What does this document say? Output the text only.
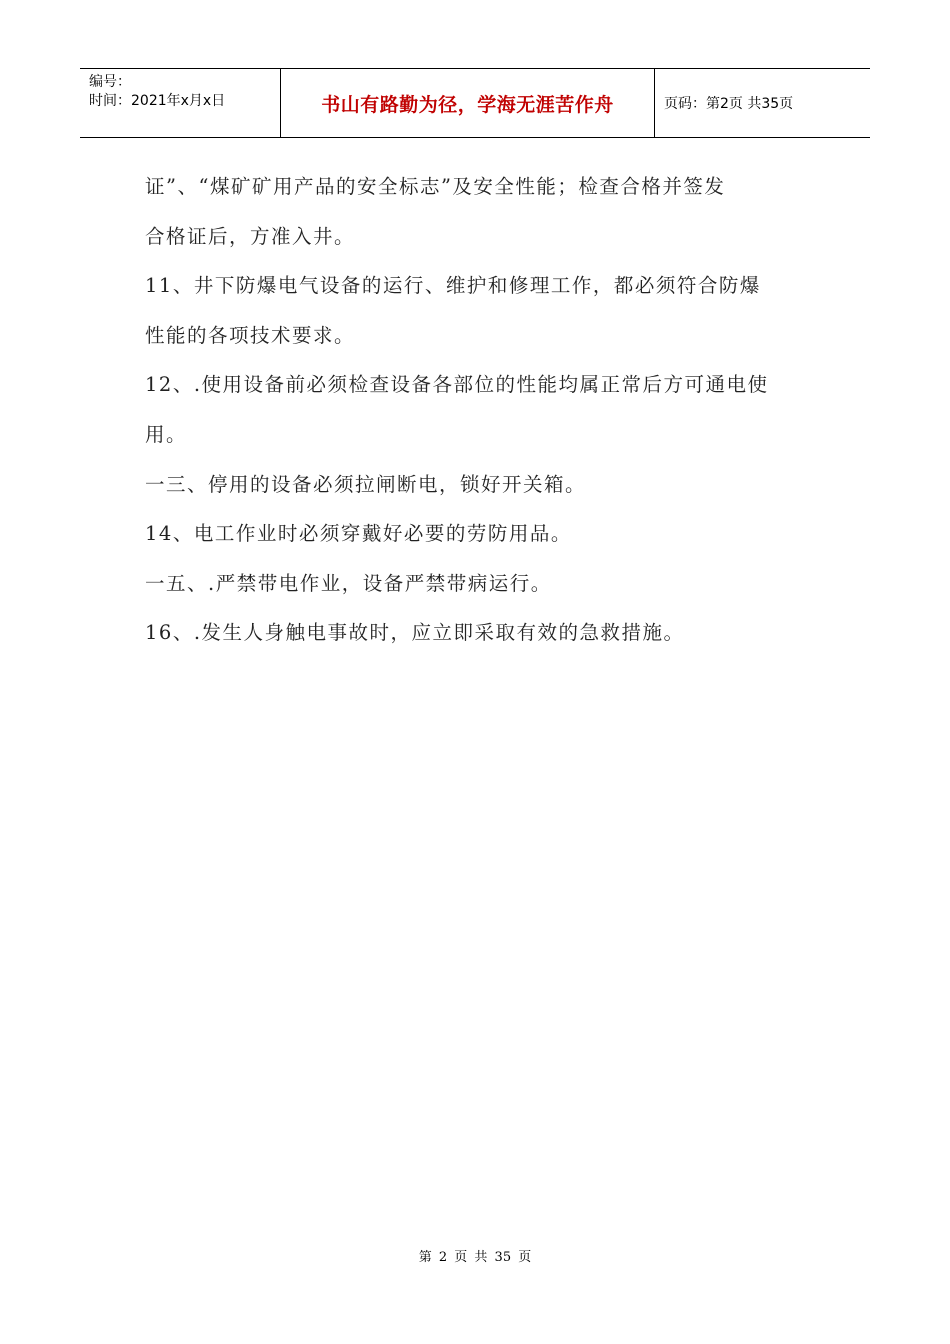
编号：
时间：2021年x月x日	书山有路勤为径，学海无涯苦作舟	页码：第2页 共35页
证”、“煤矿矿用产品的安全标志”及安全性能；检查合格并签发
合格证后，方准入井。
11、井下防爆电气设备的运行、维护和修理工作，都必须符合防爆
性能的各项技术要求。
12、.使用设备前必须检查设备各部位的性能均属正常后方可通电使
用。
一三、停用的设备必须拉闸断电，锁好开关箱。
14、电工作业时必须穿戴好必要的劳防用品。
一五、.严禁带电作业，设备严禁带病运行。
16、.发生人身触电事故时，应立即采取有效的急救措施。
第 2 页 共 35 页
